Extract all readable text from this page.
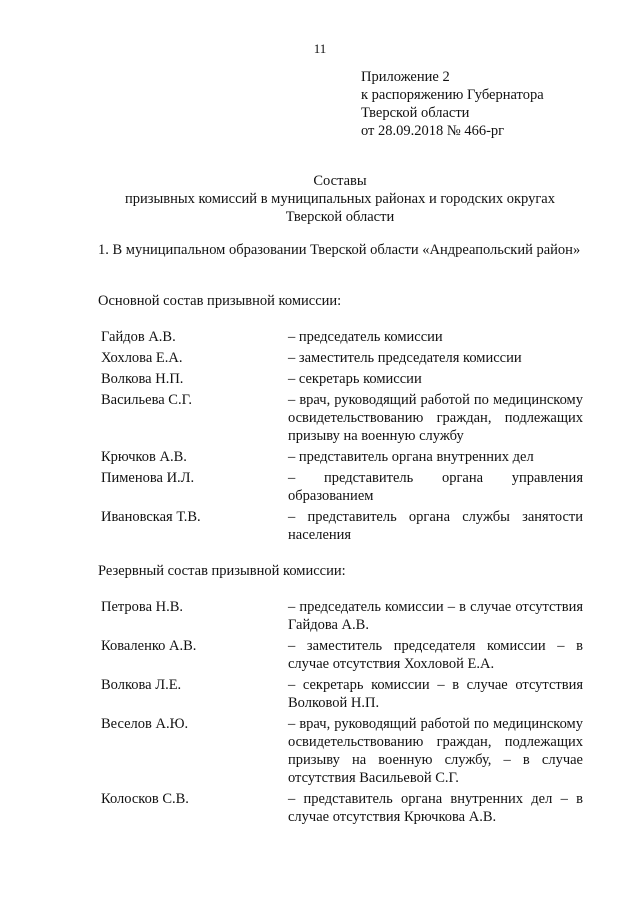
11
Приложение 2
к распоряжению Губернатора
Тверской области
от 28.09.2018 № 466-рг
Составы
призывных комиссий в муниципальных районах и городских округах
Тверской области
1. В муниципальном образовании Тверской области «Андреапольский район»
Основной состав призывной комиссии:
Гайдов А.В.	– председатель комиссии
Хохлова Е.А.	– заместитель председателя комиссии
Волкова Н.П.	– секретарь комиссии
Васильева С.Г.	– врач, руководящий работой по медицинскому освидетельствованию граждан, подлежащих призыву на военную службу
Крючков А.В.	– представитель органа внутренних дел
Пименова И.Л.	– представитель органа управления образованием
Ивановская Т.В.	– представитель органа службы занятости населения
Резервный состав призывной комиссии:
Петрова Н.В.	– председатель комиссии – в случае отсутствия Гайдова А.В.
Коваленко А.В.	– заместитель председателя комиссии – в случае отсутствия Хохловой Е.А.
Волкова Л.Е.	– секретарь комиссии – в случае отсутствия Волковой Н.П.
Веселов А.Ю.	– врач, руководящий работой по медицинскому освидетельствованию граждан, подлежащих призыву на военную службу, – в случае отсутствия Васильевой С.Г.
Колосков С.В.	– представитель органа внутренних дел – в случае отсутствия Крючкова А.В.
